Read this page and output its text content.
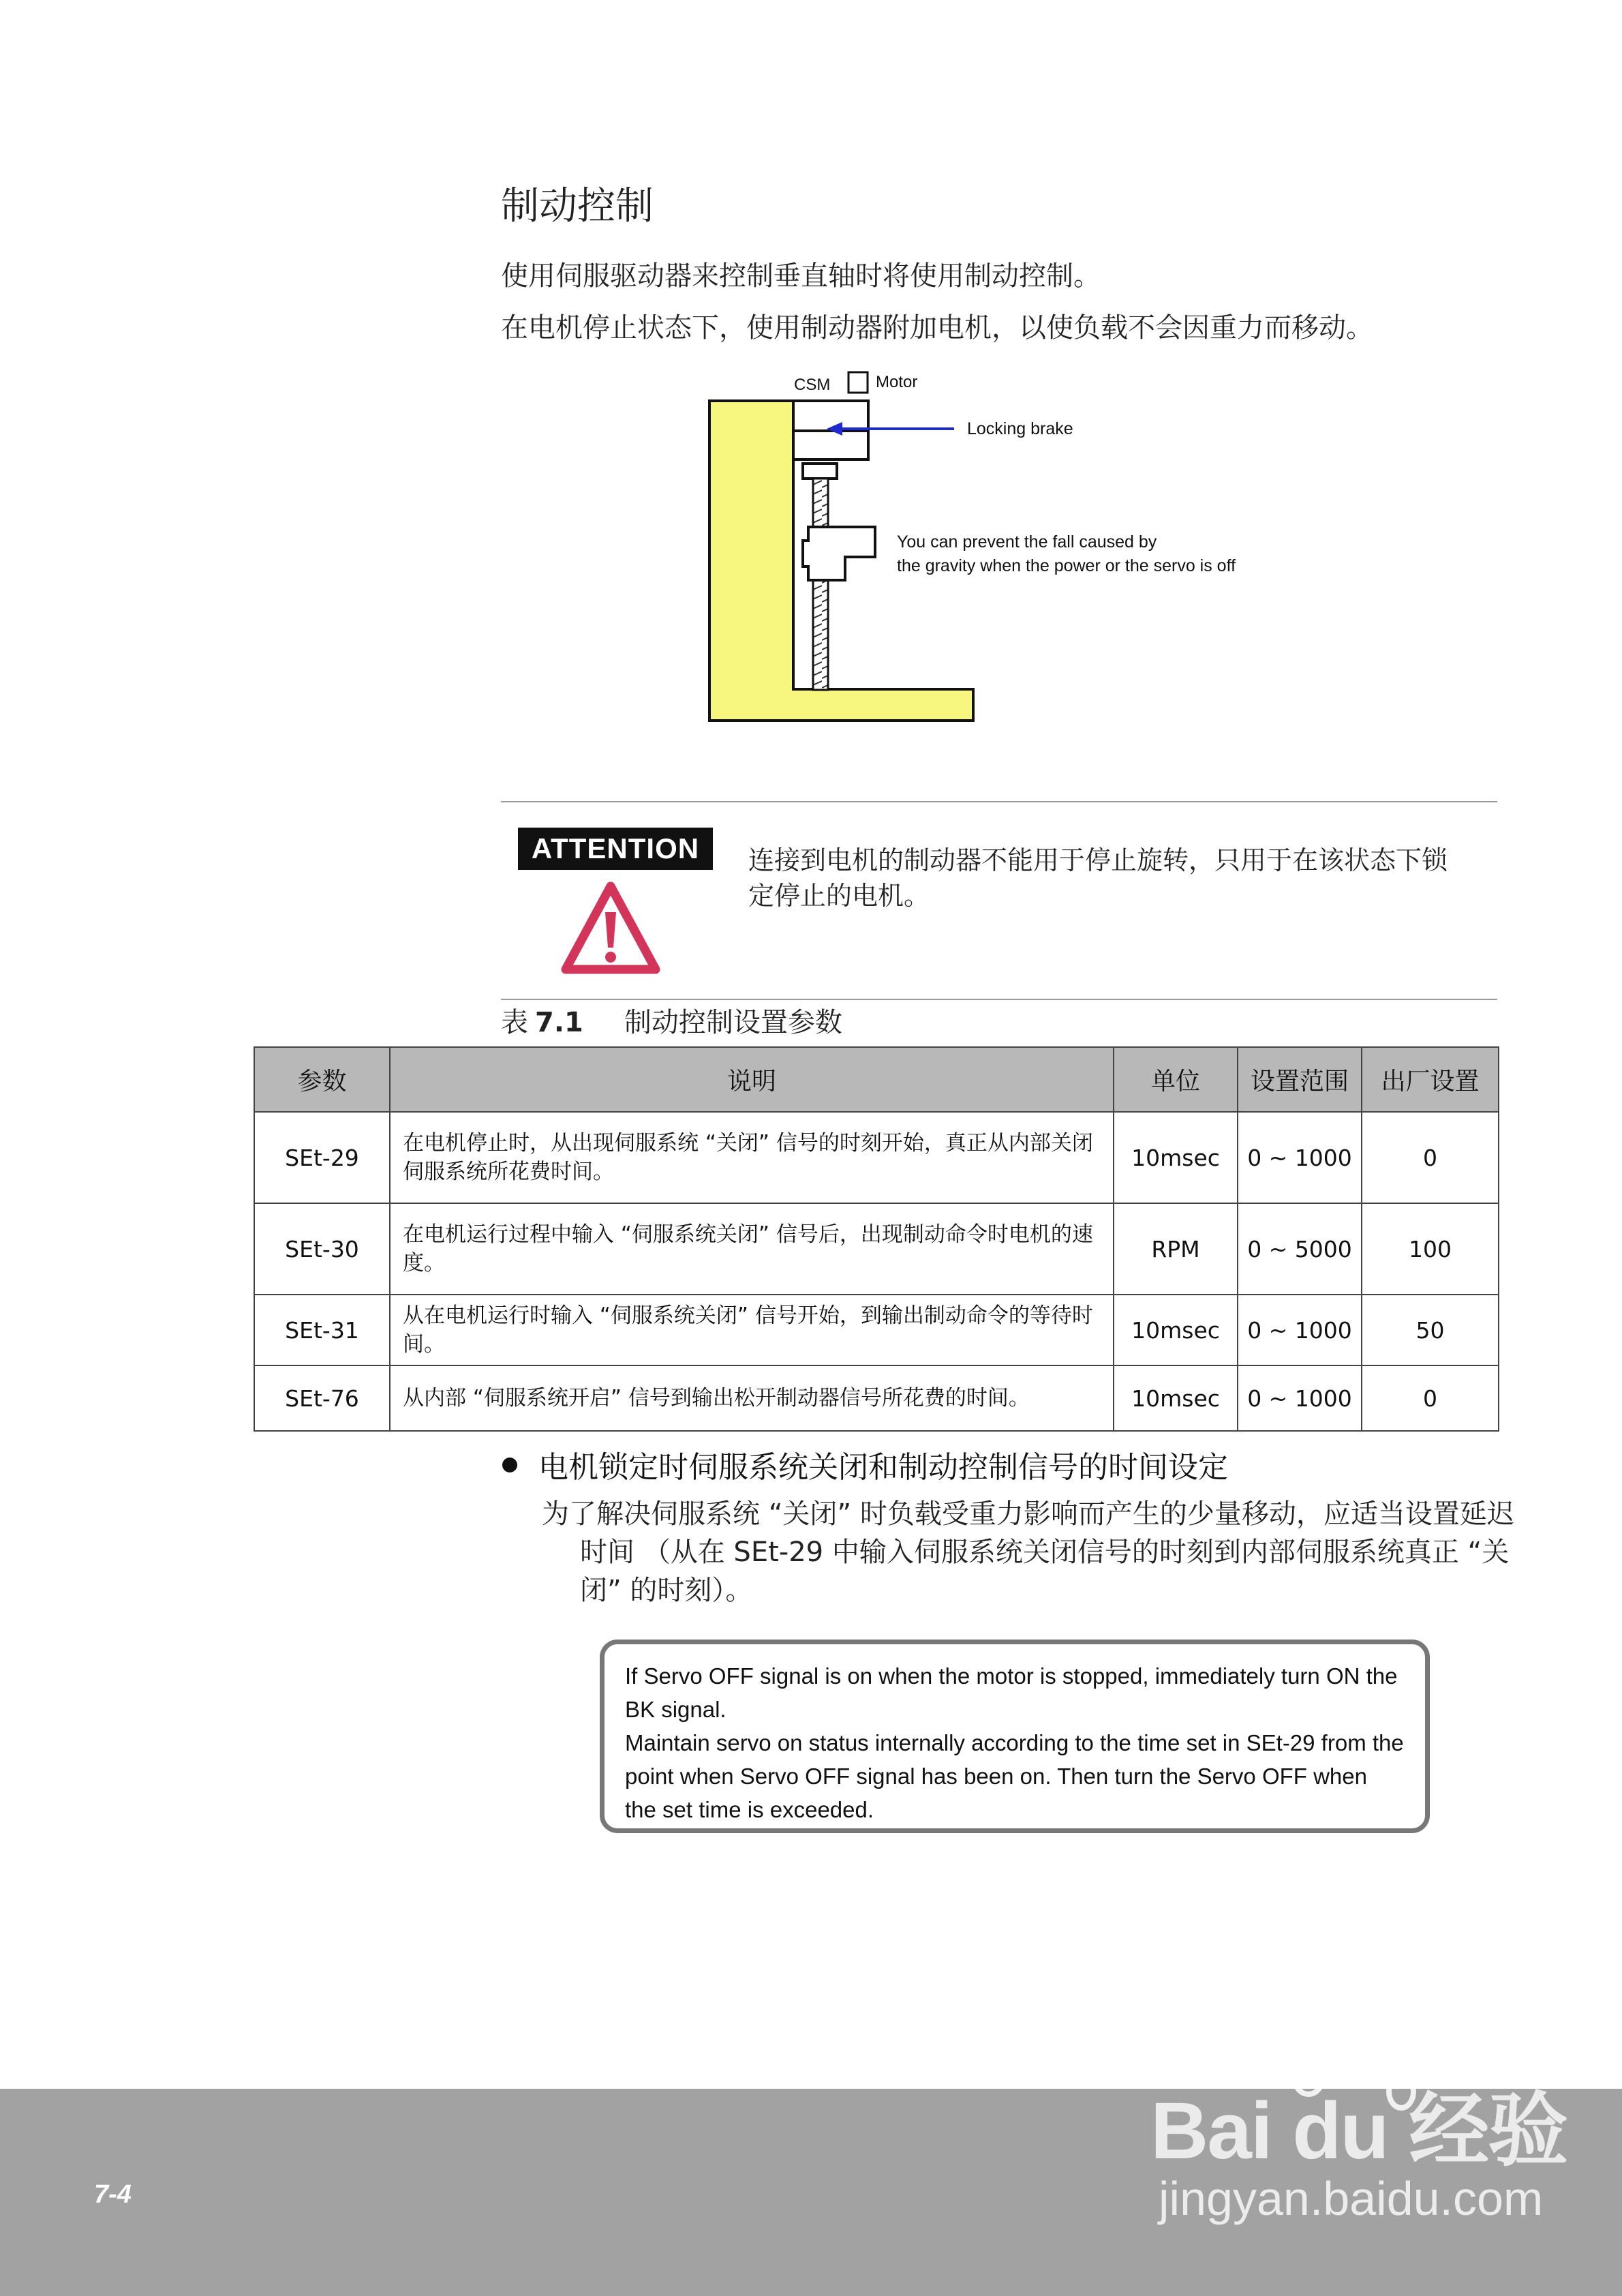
制动控制
使用伺服驱动器来控制垂直轴时将使用制动控制。
在电机停止状态下，使用制动器附加电机，以使负载不会因重力而移动。
CSM	Motor
Locking brake
You can prevent the fall caused by
the gravity when the power or the servo is off
ATTENTION	连接到电机的制动器不能用于停止旋转，只用于在该状态下锁定停止的电机。
表 7.1 制动控制设置参数
参数	说明	单位	设置范围	出厂设置
SEt-29	在电机停止时，从出现伺服系统 “关闭” 信号的时刻开始，真正从内部关闭伺服系统所花费时间。	10msec	0 ~ 1000	0
SEt-30	在电机运行过程中输入 “伺服系统关闭” 信号后，出现制动命令时电机的速度。	RPM	0 ~ 5000	100
SEt-31	从在电机运行时输入 “伺服系统关闭” 信号开始，到输出制动命令的等待时间。	10msec	0 ~ 1000	50
SEt-76	从内部 “伺服系统开启” 信号到输出松开制动器信号所花费的时间。	10msec	0 ~ 1000	0
电机锁定时伺服系统关闭和制动控制信号的时间设定
为了解决伺服系统 “关闭” 时负载受重力影响而产生的少量移动，应适当设置延迟时间 （从在 SEt-29 中输入伺服系统关闭信号的时刻到内部伺服系统真正 “关闭” 的时刻）。
If Servo OFF signal is on when the motor is stopped, immediately turn ON the BK signal.
Maintain servo on status internally according to the time set in SEt-29 from the point when Servo OFF signal has been on. Then turn the Servo OFF when the set time is exceeded.
7-4
Bai du 经验
jingyan.baidu.com
